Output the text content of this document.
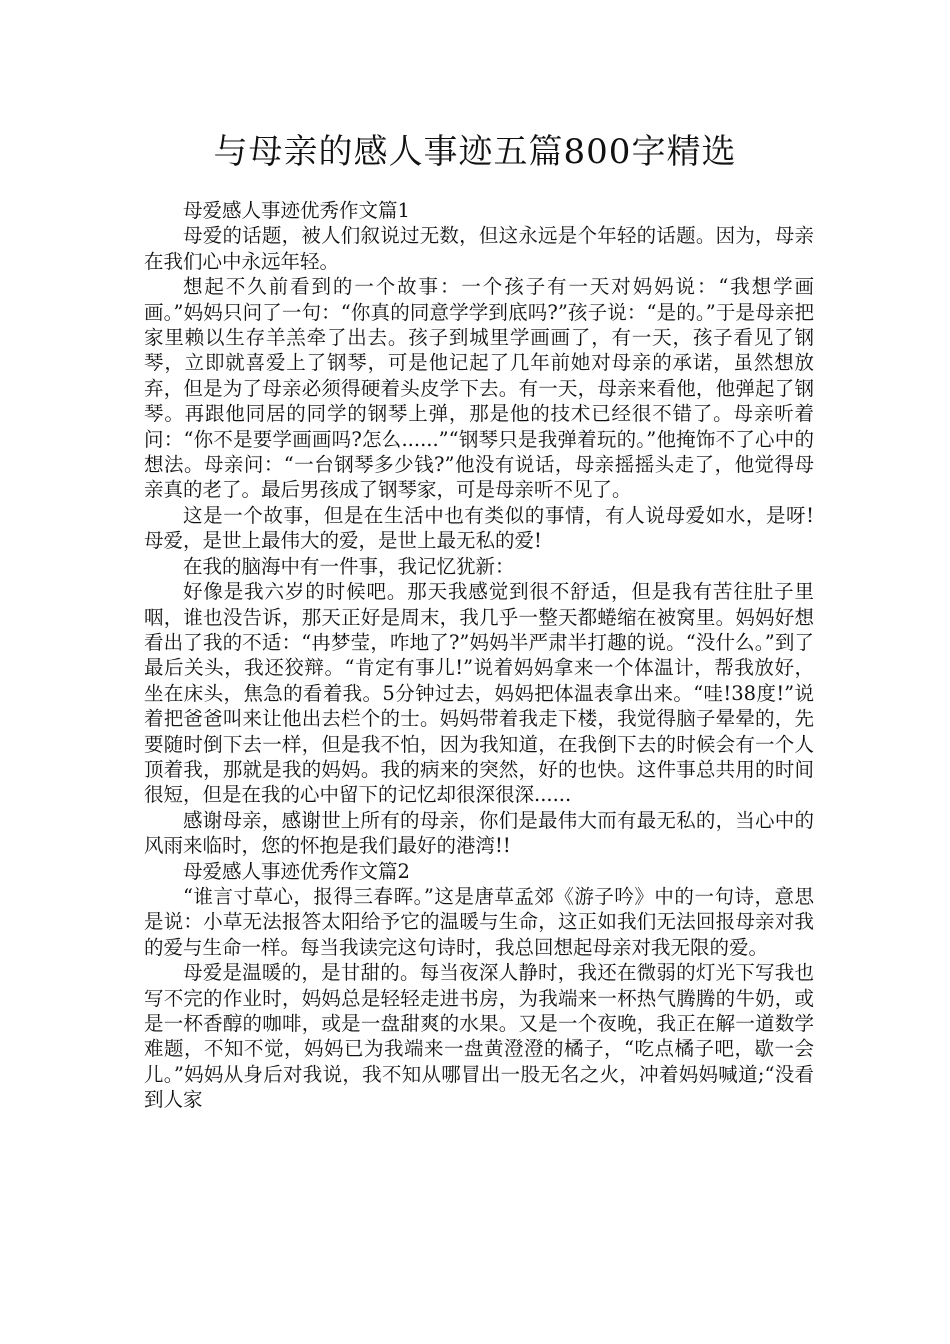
与母亲的感人事迹五篇800字精选

母爱感人事迹优秀作文篇1

母爱的话题，被人们叙说过无数，但这永远是个年轻的话题。因为，母亲在我们心中永远年轻。

想起不久前看到的一个故事：一个孩子有一天对妈妈说：“我想学画画。”妈妈只问了一句：“你真的同意学学到底吗?”孩子说：“是的。”于是母亲把家里赖以生存羊羔牵了出去。孩子到城里学画画了，有一天，孩子看见了钢琴，立即就喜爱上了钢琴，可是他记起了几年前她对母亲的承诺，虽然想放弃，但是为了母亲必须得硬着头皮学下去。有一天，母亲来看他，他弹起了钢琴。再跟他同居的同学的钢琴上弹，那是他的技术已经很不错了。母亲听着问：“你不是要学画画吗?怎么......”“钢琴只是我弹着玩的。”他掩饰不了心中的想法。母亲问：“一台钢琴多少钱?”他没有说话，母亲摇摇头走了，他觉得母亲真的老了。最后男孩成了钢琴家，可是母亲听不见了。

这是一个故事，但是在生活中也有类似的事情，有人说母爱如水，是呀!母爱，是世上最伟大的爱，是世上最无私的爱!

在我的脑海中有一件事，我记忆犹新：

好像是我六岁的时候吧。那天我感觉到很不舒适，但是我有苦往肚子里咽，谁也没告诉，那天正好是周末，我几乎一整天都蜷缩在被窝里。妈妈好想看出了我的不适：“冉梦莹，咋地了?”妈妈半严肃半打趣的说。“没什么。”到了最后关头，我还狡辩。“肯定有事儿!”说着妈妈拿来一个体温计，帮我放好，坐在床头，焦急的看着我。5分钟过去，妈妈把体温表拿出来。“哇!38度!”说着把爸爸叫来让他出去栏个的士。妈妈带着我走下楼，我觉得脑子晕晕的，先要随时倒下去一样，但是我不怕，因为我知道，在我倒下去的时候会有一个人顶着我，那就是我的妈妈。我的病来的突然，好的也快。这件事总共用的时间很短，但是在我的心中留下的记忆却很深很深......

感谢母亲，感谢世上所有的母亲，你们是最伟大而有最无私的，当心中的风雨来临时，您的怀抱是我们最好的港湾!!

母爱感人事迹优秀作文篇2

“谁言寸草心，报得三春晖。”这是唐草孟郊《游子吟》中的一句诗，意思是说：小草无法报答太阳给予它的温暖与生命，这正如我们无法回报母亲对我的爱与生命一样。每当我读完这句诗时，我总回想起母亲对我无限的爱。

母爱是温暖的，是甘甜的。每当夜深人静时，我还在微弱的灯光下写我也写不完的作业时，妈妈总是轻轻走进书房，为我端来一杯热气腾腾的牛奶，或是一杯香醇的咖啡，或是一盘甜爽的水果。又是一个夜晚，我正在解一道数学难题，不知不觉，妈妈已为我端来一盘黄澄澄的橘子，“吃点橘子吧，歇一会儿。”妈妈从身后对我说，我不知从哪冒出一股无名之火，冲着妈妈喊道;“没看到人家
